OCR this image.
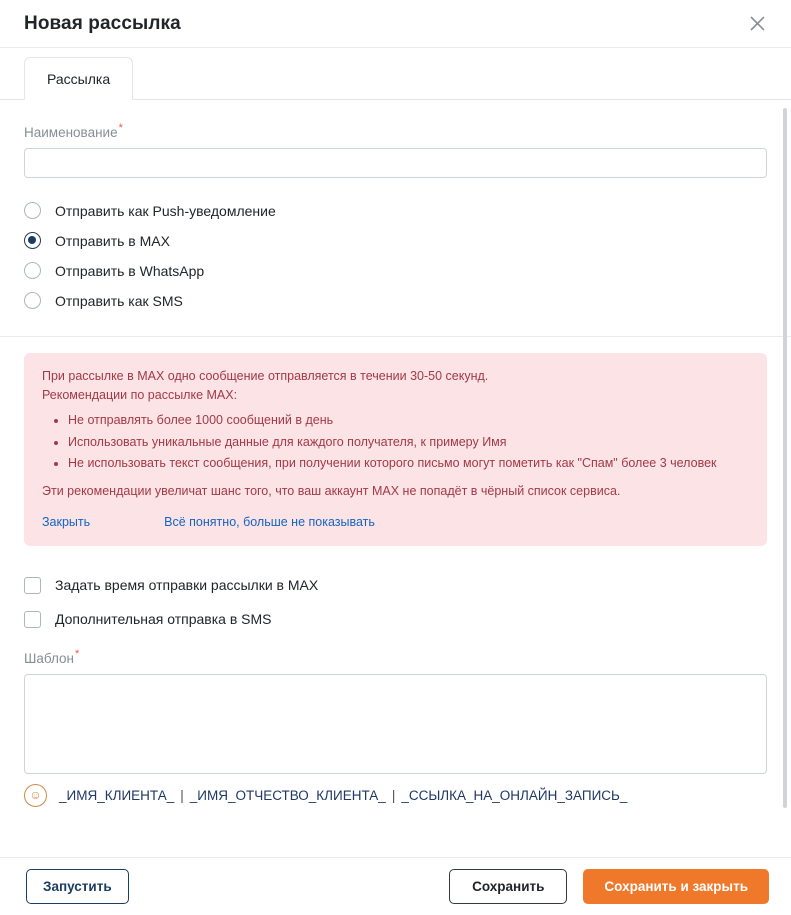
Новая рассылка
Рассылка
Наименование*
Отправить как Push-уведомление
Отправить в MAX
Отправить в WhatsApp
Отправить как SMS

При рассылке в MAX одно сообщение отправляется в течении 30-50 секунд.

Рекомендации по рассылке MAX:

• Не отправлять более 1000 сообщений в день
• Использовать уникальные данные для каждого получателя, к примеру Имя
• Не использовать текст сообщения, при получении которого письмо могут пометить как "Спам" более 3 человек

Эти рекомендации увеличат шанс того, что ваш аккаунт MAX не попадёт в чёрный список сервиса.

Закрыть	Всё понятно, больше не показывать
Задать время отправки рассылки в MAX
Дополнительная отправка в SMS
Шаблон*
☺	_ИМЯ_КЛИЕНТА_ | _ИМЯ_ОТЧЕСТВО_КЛИЕНТА_ | _ССЫЛКА_НА_ОНЛАЙН_ЗАПИСЬ_
Запустить	Сохранить	Сохранить и закрыть
